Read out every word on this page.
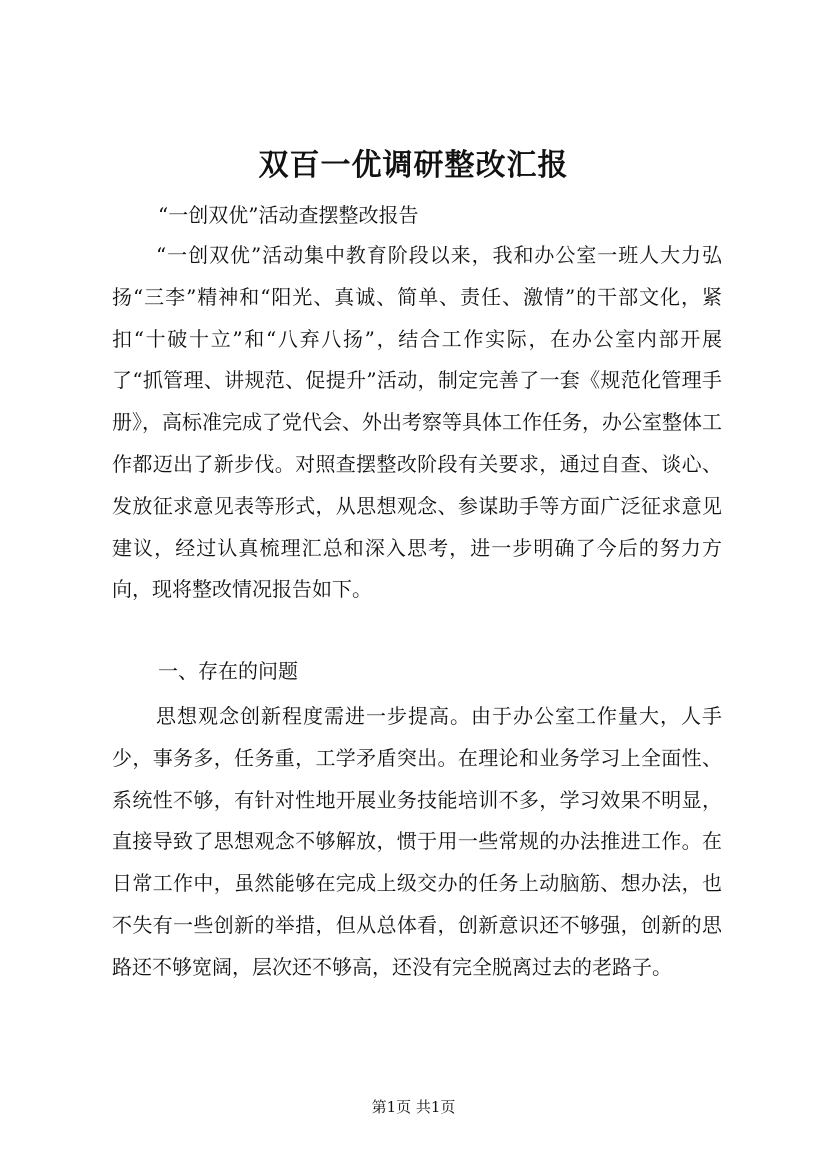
双百一优调研整改汇报
“一创双优”活动查摆整改报告
“一创双优”活动集中教育阶段以来，我和办公室一班人大力弘扬“三李”精神和“阳光、真诚、简单、责任、激情”的干部文化，紧扣“十破十立”和“八弃八扬”，结合工作实际，在办公室内部开展了“抓管理、讲规范、促提升”活动，制定完善了一套《规范化管理手册》，高标准完成了党代会、外出考察等具体工作任务，办公室整体工作都迈出了新步伐。对照查摆整改阶段有关要求，通过自查、谈心、发放征求意见表等形式，从思想观念、参谋助手等方面广泛征求意见建议，经过认真梳理汇总和深入思考，进一步明确了今后的努力方向，现将整改情况报告如下。
一、存在的问题
思想观念创新程度需进一步提高。由于办公室工作量大，人手少，事务多，任务重，工学矛盾突出。在理论和业务学习上全面性、系统性不够，有针对性地开展业务技能培训不多，学习效果不明显，直接导致了思想观念不够解放，惯于用一些常规的办法推进工作。在日常工作中，虽然能够在完成上级交办的任务上动脑筋、想办法，也不失有一些创新的举措，但从总体看，创新意识还不够强，创新的思路还不够宽阔，层次还不够高，还没有完全脱离过去的老路子。
第1页 共1页
